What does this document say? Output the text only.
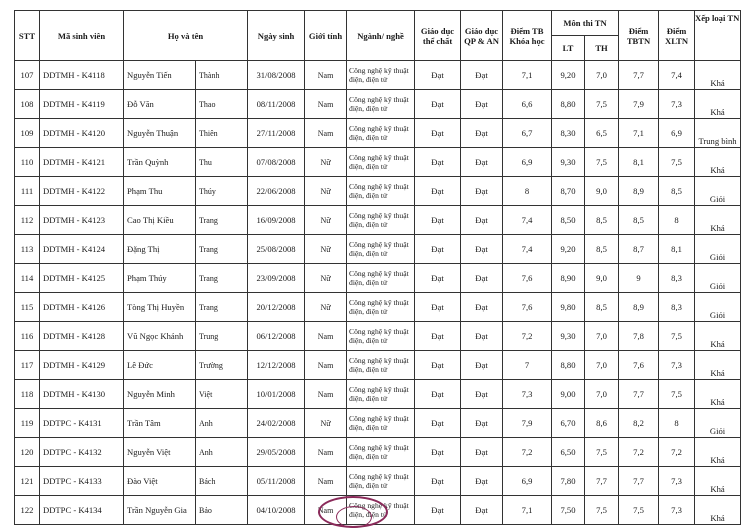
STT	Mã sinh viên	Họ và tên		Ngày sinh	Giới tính	Ngành/ nghề	Giáo dục thể chất	Giáo dục QP & AN	Điểm TB Khóa học	Môn thi TN		Điểm TBTN	Điểm XLTN	Xếp loại TN
										LT	TH			
107	DDTMH - K4118	Nguyễn Tiến	Thành	31/08/2008	Nam	Công nghệ kỹ thuật điện, điện tử	Đạt	Đạt	7,1	9,20	7,0	7,7	7,4	Khá
108	DDTMH - K4119	Đỗ Văn	Thao	08/11/2008	Nam	Công nghệ kỹ thuật điện, điện tử	Đạt	Đạt	6,6	8,80	7,5	7,9	7,3	Khá
109	DDTMH - K4120	Nguyễn Thuận	Thiên	27/11/2008	Nam	Công nghệ kỹ thuật điện, điện tử	Đạt	Đạt	6,7	8,30	6,5	7,1	6,9	Trung bình
110	DDTMH - K4121	Trần Quỳnh	Thu	07/08/2008	Nữ	Công nghệ kỹ thuật điện, điện tử	Đạt	Đạt	6,9	9,30	7,5	8,1	7,5	Khá
111	DDTMH - K4122	Phạm Thu	Thúy	22/06/2008	Nữ	Công nghệ kỹ thuật điện, điện tử	Đạt	Đạt	8	8,70	9,0	8,9	8,5	Giỏi
112	DDTMH - K4123	Cao Thị Kiều	Trang	16/09/2008	Nữ	Công nghệ kỹ thuật điện, điện tử	Đạt	Đạt	7,4	8,50	8,5	8,5	8	Khá
113	DDTMH - K4124	Đặng Thị	Trang	25/08/2008	Nữ	Công nghệ kỹ thuật điện, điện tử	Đạt	Đạt	7,4	9,20	8,5	8,7	8,1	Giỏi
114	DDTMH - K4125	Phạm Thúy	Trang	23/09/2008	Nữ	Công nghệ kỹ thuật điện, điện tử	Đạt	Đạt	7,6	8,90	9,0	9	8,3	Giỏi
115	DDTMH - K4126	Tòng Thị Huyền	Trang	20/12/2008	Nữ	Công nghệ kỹ thuật điện, điện tử	Đạt	Đạt	7,6	9,80	8,5	8,9	8,3	Giỏi
116	DDTMH - K4128	Vũ Ngọc Khánh	Trung	06/12/2008	Nam	Công nghệ kỹ thuật điện, điện tử	Đạt	Đạt	7,2	9,30	7,0	7,8	7,5	Khá
117	DDTMH - K4129	Lê Đức	Trường	12/12/2008	Nam	Công nghệ kỹ thuật điện, điện tử	Đạt	Đạt	7	8,80	7,0	7,6	7,3	Khá
118	DDTMH - K4130	Nguyễn Minh	Việt	10/01/2008	Nam	Công nghệ kỹ thuật điện, điện tử	Đạt	Đạt	7,3	9,00	7,0	7,7	7,5	Khá
119	DDTPC - K4131	Trần Tâm	Anh	24/02/2008	Nữ	Công nghệ kỹ thuật điện, điện tử	Đạt	Đạt	7,9	6,70	8,6	8,2	8	Giỏi
120	DDTPC - K4132	Nguyễn Việt	Anh	29/05/2008	Nam	Công nghệ kỹ thuật điện, điện tử	Đạt	Đạt	7,2	6,50	7,5	7,2	7,2	Khá
121	DDTPC - K4133	Đào Việt	Bách	05/11/2008	Nam	Công nghệ kỹ thuật điện, điện tử	Đạt	Đạt	6,9	7,80	7,7	7,7	7,3	Khá
122	DDTPC - K4134	Trần Nguyễn Gia	Bảo	04/10/2008	Nam	Công nghệ kỹ thuật điện, điện tử	Đạt	Đạt	7,1	7,50	7,5	7,5	7,3	Khá
